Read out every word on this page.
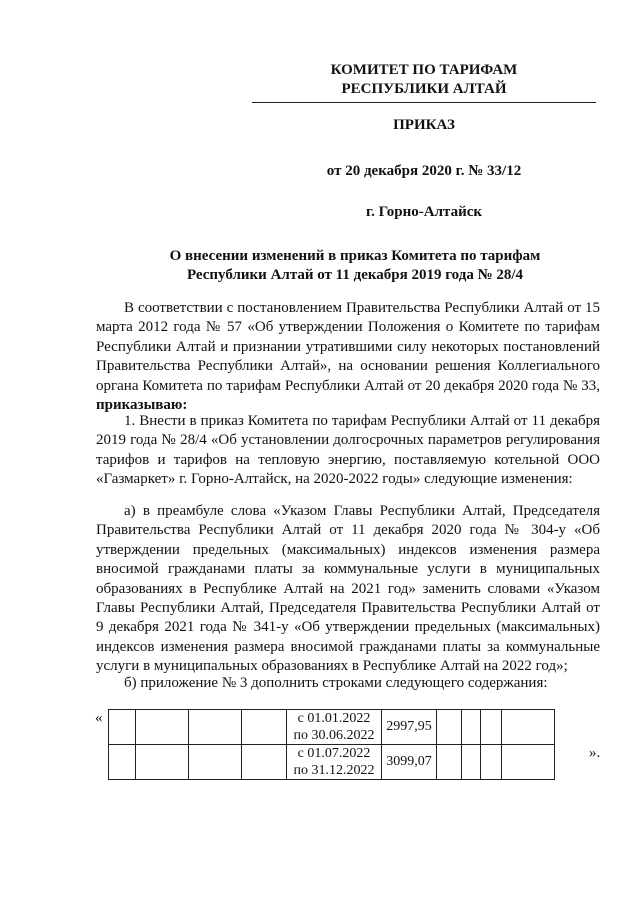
КОМИТЕТ ПО ТАРИФАМ
РЕСПУБЛИКИ АЛТАЙ
ПРИКАЗ
от 20 декабря 2020 г. № 33/12
г. Горно-Алтайск
О внесении изменений в приказ Комитета по тарифам
Республики Алтай от 11 декабря 2019 года № 28/4
В соответствии с постановлением Правительства Республики Алтай от 15 марта 2012 года № 57 «Об утверждении Положения о Комитете по тарифам Республики Алтай и признании утратившими силу некоторых постановлений Правительства Республики Алтай», на основании решения Коллегиального органа Комитета по тарифам Республики Алтай от 20 декабря 2020 года № 33, приказываю:
1. Внести в приказ Комитета по тарифам Республики Алтай от 11 декабря 2019 года № 28/4 «Об установлении долгосрочных параметров регулирования тарифов и тарифов на тепловую энергию, поставляемую котельной ООО «Газмаркет» г. Горно-Алтайск, на 2020-2022 годы» следующие изменения:
а) в преамбуле слова «Указом Главы Республики Алтай, Председателя Правительства Республики Алтай от 11 декабря 2020 года № 304-у «Об утверждении предельных (максимальных) индексов изменения размера вносимой гражданами платы за коммунальные услуги в муниципальных образованиях в Республике Алтай на 2021 год» заменить словами «Указом Главы Республики Алтай, Председателя Правительства Республики Алтай от 9 декабря 2021 года № 341-у «Об утверждении предельных (максимальных) индексов изменения размера вносимой гражданами платы за коммунальные услуги в муниципальных образованиях в Республике Алтай на 2022 год»;
б) приложение № 3 дополнить строками следующего содержания:
«

				с 01.01.2022
по 30.06.2022	2997,95				

				с 01.07.2022
по 31.12.2022	3099,07				
».
